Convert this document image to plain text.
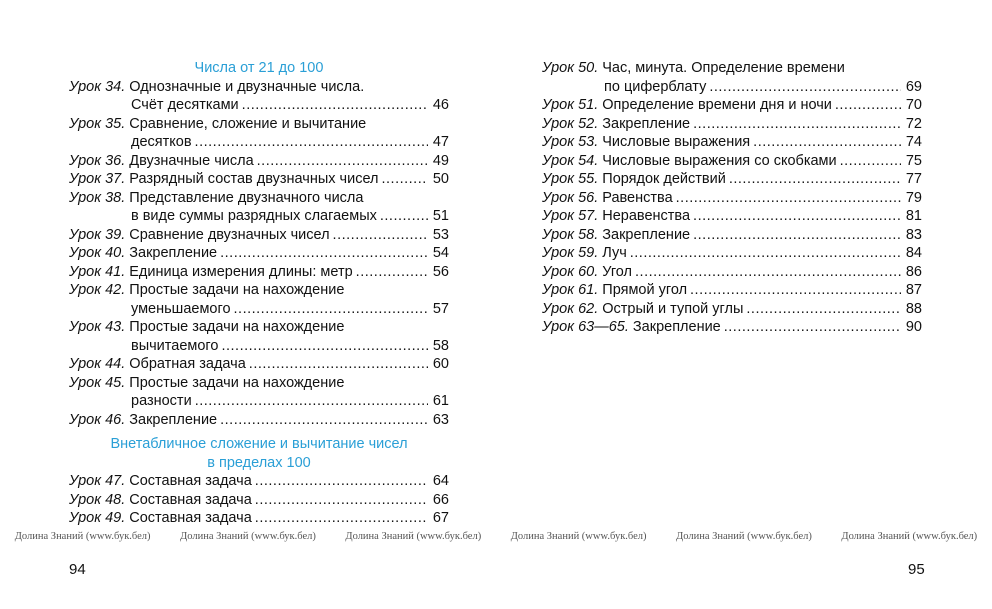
Числа от 21 до 100
Урок 34. Однозначные и двузначные числа.
Счёт десятками .....	46
Урок 35. Сравнение, сложение и вычитание
десятков .....	47
Урок 36. Двузначные числа .....	49
Урок 37. Разрядный состав двузначных чисел .....	50
Урок 38. Представление двузначного числа
в виде суммы разрядных слагаемых .....	51
Урок 39. Сравнение двузначных чисел .....	53
Урок 40. Закрепление .....	54
Урок 41. Единица измерения длины: метр .....	56
Урок 42. Простые задачи на нахождение
уменьшаемого .....	57
Урок 43. Простые задачи на нахождение
вычитаемого .....	58
Урок 44. Обратная задача .....	60
Урок 45. Простые задачи на нахождение
разности .....	61
Урок 46. Закрепление .....	63
Внетабличное сложение и вычитание чисел
в пределах 100
Урок 47. Составная задача .....	64
Урок 48. Составная задача .....	66
Урок 49. Составная задача .....	67
94
Урок 50. Час, минута. Определение времени
по циферблату .....	69
Урок 51. Определение времени дня и ночи .....	70
Урок 52. Закрепление .....	72
Урок 53. Числовые выражения .....	74
Урок 54. Числовые выражения со скобками .....	75
Урок 55. Порядок действий .....	77
Урок 56. Равенства .....	79
Урок 57. Неравенства .....	81
Урок 58. Закрепление .....	83
Урок 59. Луч .....	84
Урок 60. Угол .....	86
Урок 61. Прямой угол .....	87
Урок 62. Острый и тупой углы .....	88
Урок 63—65. Закрепление .....	90
95
Долина Знаний (www.бук.бел)	Долина Знаний (www.бук.бел)	Долина Знаний (www.бук.бел)	Долина Знаний (www.бук.бел)	Долина Знаний (www.бук.бел)	Долина Знаний (www.бук.бел)
